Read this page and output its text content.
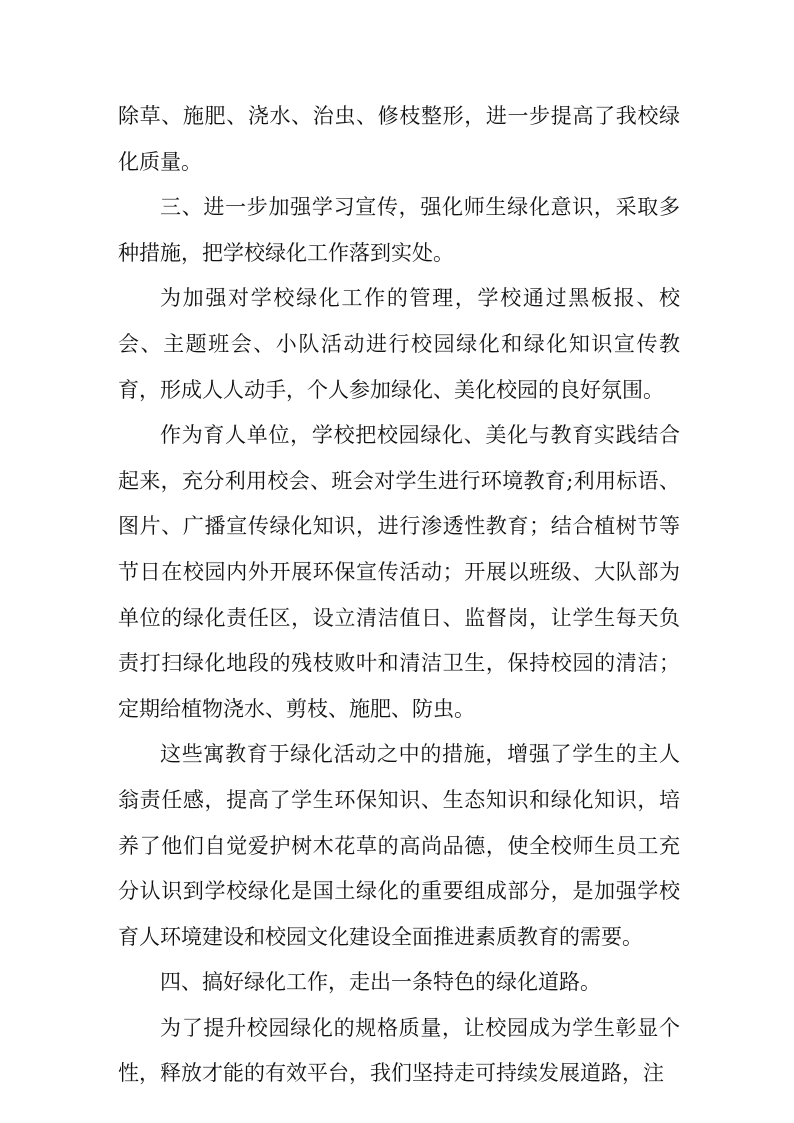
除草、施肥、浇水、治虫、修枝整形，进一步提高了我校绿化质量。

三、进一步加强学习宣传，强化师生绿化意识，采取多种措施，把学校绿化工作落到实处。

为加强对学校绿化工作的管理，学校通过黑板报、校会、主题班会、小队活动进行校园绿化和绿化知识宣传教育，形成人人动手，个人参加绿化、美化校园的良好氛围。

作为育人单位，学校把校园绿化、美化与教育实践结合起来，充分利用校会、班会对学生进行环境教育;利用标语、图片、广播宣传绿化知识，进行渗透性教育；结合植树节等节日在校园内外开展环保宣传活动；开展以班级、大队部为单位的绿化责任区，设立清洁值日、监督岗，让学生每天负责打扫绿化地段的残枝败叶和清洁卫生，保持校园的清洁；定期给植物浇水、剪枝、施肥、防虫。

这些寓教育于绿化活动之中的措施，增强了学生的主人翁责任感，提高了学生环保知识、生态知识和绿化知识，培养了他们自觉爱护树木花草的高尚品德，使全校师生员工充分认识到学校绿化是国土绿化的重要组成部分，是加强学校育人环境建设和校园文化建设全面推进素质教育的需要。

四、搞好绿化工作，走出一条特色的绿化道路。

为了提升校园绿化的规格质量，让校园成为学生彰显个性，释放才能的有效平台，我们坚持走可持续发展道路，注
